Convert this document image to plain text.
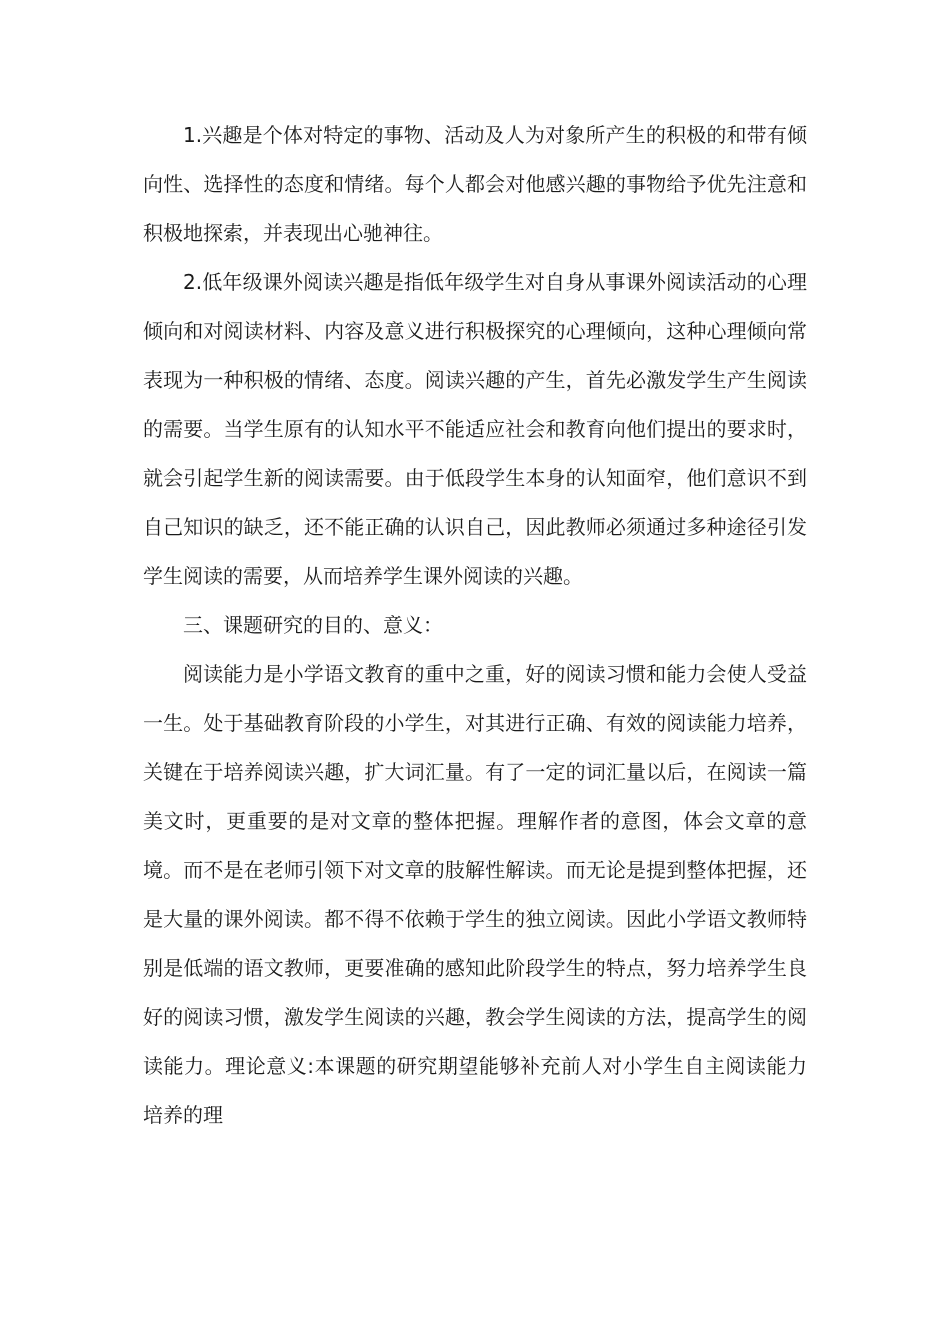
1.兴趣是个体对特定的事物、活动及人为对象所产生的积极的和带有倾向性、选择性的态度和情绪。每个人都会对他感兴趣的事物给予优先注意和积极地探索，并表现出心驰神往。

2.低年级课外阅读兴趣是指低年级学生对自身从事课外阅读活动的心理倾向和对阅读材料、内容及意义进行积极探究的心理倾向，这种心理倾向常表现为一种积极的情绪、态度。阅读兴趣的产生，首先必激发学生产生阅读的需要。当学生原有的认知水平不能适应社会和教育向他们提出的要求时，就会引起学生新的阅读需要。由于低段学生本身的认知面窄，他们意识不到自己知识的缺乏，还不能正确的认识自己，因此教师必须通过多种途径引发学生阅读的需要，从而培养学生课外阅读的兴趣。

三、课题研究的目的、意义：

阅读能力是小学语文教育的重中之重，好的阅读习惯和能力会使人受益一生。处于基础教育阶段的小学生，对其进行正确、有效的阅读能力培养，关键在于培养阅读兴趣，扩大词汇量。有了一定的词汇量以后，在阅读一篇美文时，更重要的是对文章的整体把握。理解作者的意图，体会文章的意境。而不是在老师引领下对文章的肢解性解读。而无论是提到整体把握，还是大量的课外阅读。都不得不依赖于学生的独立阅读。因此小学语文教师特别是低端的语文教师，更要准确的感知此阶段学生的特点，努力培养学生良好的阅读习惯，激发学生阅读的兴趣，教会学生阅读的方法，提高学生的阅读能力。理论意义:本课题的研究期望能够补充前人对小学生自主阅读能力培养的理
